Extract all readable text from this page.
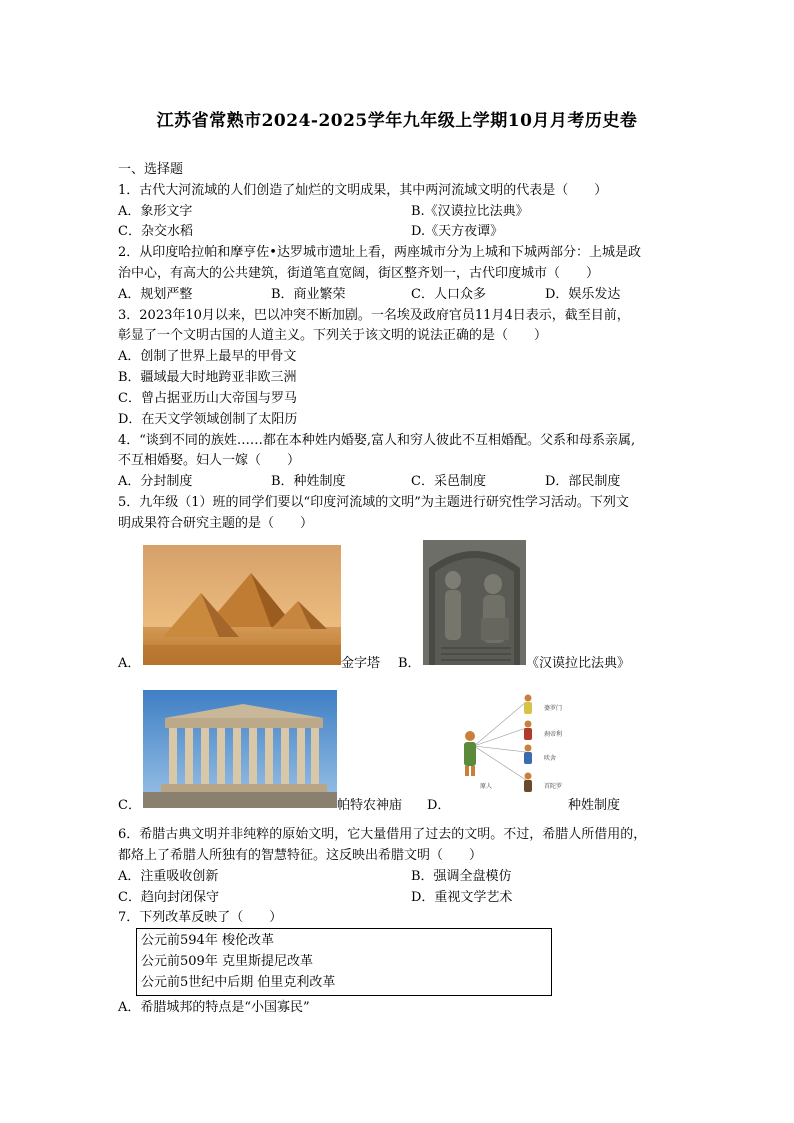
江苏省常熟市2024-2025学年九年级上学期10月月考历史卷
一、选择题
1．古代大河流域的人们创造了灿烂的文明成果，其中两河流域文明的代表是（　　）
A．象形文字	B.《汉谟拉比法典》
C．杂交水稻	D.《天方夜谭》
2．从印度哈拉帕和摩亨佐•达罗城市遗址上看，两座城市分为上城和下城两部分：上城是政
治中心，有高大的公共建筑，街道笔直宽阔，街区整齐划一，古代印度城市（　　）
A．规划严整	B．商业繁荣	C．人口众多	D．娱乐发达
3．2023年10月以来，巴以冲突不断加剧。一名埃及政府官员11月4日表示，截至目前，
彰显了一个文明古国的人道主义。下列关于该文明的说法正确的是（　　）
A．创制了世界上最早的甲骨文
B．疆域最大时地跨亚非欧三洲
C．曾占据亚历山大帝国与罗马
D．在天文学领域创制了太阳历
4．“谈到不同的族姓……都在本种姓内婚娶,富人和穷人彼此不互相婚配。父系和母系亲属,
不互相婚娶。妇人一嫁（　　）
A．分封制度	B．种姓制度	C．采邑制度	D．部民制度
5．九年级（1）班的同学们要以“印度河流域的文明”为主题进行研究性学习活动。下列文
明成果符合研究主题的是（　　）
A．	金字塔 B．	《汉谟拉比法典》
C．	帕特农神庙 D．
婆罗门
刹帝利
吠舍
首陀罗
原人
种姓制度
6．希腊古典文明并非纯粹的原始文明，它大量借用了过去的文明。不过，希腊人所借用的，
都烙上了希腊人所独有的智慧特征。这反映出希腊文明（　　）
A．注重吸收创新	B．强调全盘模仿
C．趋向封闭保守	D．重视文学艺术
7．下列改革反映了（　　）
公元前594年 梭伦改革
公元前509年 克里斯提尼改革
公元前5世纪中后期 伯里克利改革
A．希腊城邦的特点是“小国寡民”
